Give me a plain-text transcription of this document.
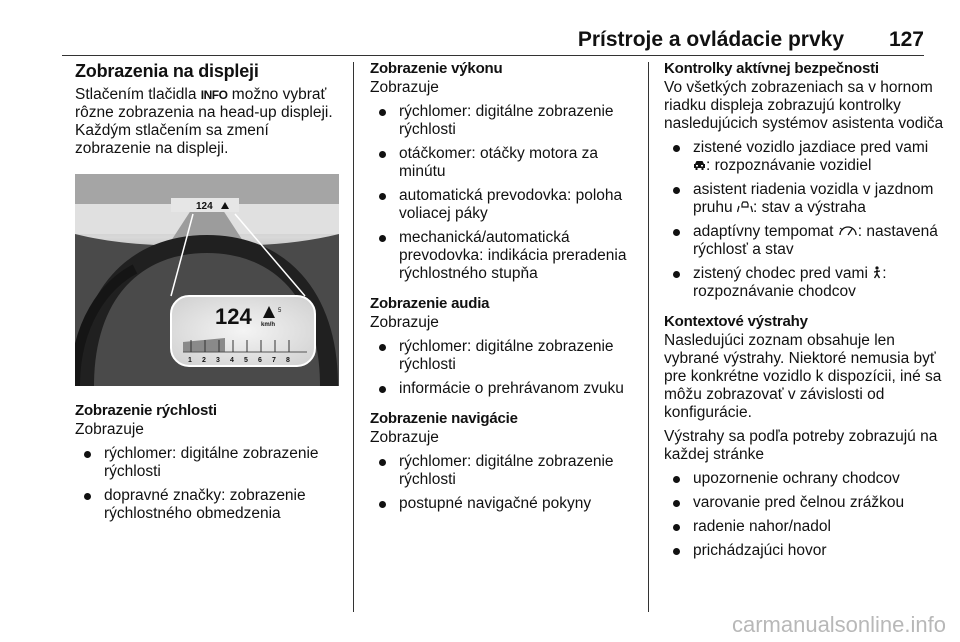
Prístroje a ovládacie prvky 127
Zobrazenia na displeji

Stlačením tlačidla INFO možno vybrať rôzne zobrazenia na head-up displeji. Každým stlačením sa zmení zobrazenie na displeji.

124
124	5
km/h
1 2 3 4 5 6 7 8
Zobrazenie rýchlosti

Zobrazuje

rýchlomer: digitálne zobrazenie rýchlosti
dopravné značky: zobrazenie rýchlostného obmedzenia
Zobrazenie výkonu

Zobrazuje

rýchlomer: digitálne zobrazenie rýchlosti
otáčkomer: otáčky motora za minútu
automatická prevodovka: poloha voliacej páky
mechanická/automatická prevodovka: indikácia preradenia rýchlostného stupňa
Zobrazenie audia

Zobrazuje

rýchlomer: digitálne zobrazenie rýchlosti
informácie o prehrávanom zvuku
Zobrazenie navigácie

Zobrazuje

rýchlomer: digitálne zobrazenie rýchlosti
postupné navigačné pokyny
Kontrolky aktívnej bezpečnosti

Vo všetkých zobrazeniach sa v hornom riadku displeja zobrazujú kontrolky nasledujúcich systémov asistenta vodiča

zistené vozidlo jazdiace pred vami : rozpoznávanie vozidiel
asistent riadenia vozidla v jazdnom pruhu : stav a výstraha
adaptívny tempomat : nastavená rýchlosť a stav
zistený chodec pred vami : rozpoznávanie chodcov
Kontextové výstrahy

Nasledujúci zoznam obsahuje len vybrané výstrahy. Niektoré nemusia byť pre konkrétne vozidlo k dispozícii, iné sa môžu zobrazovať v závislosti od konfigurácie.

Výstrahy sa podľa potreby zobrazujú na každej stránke

upozornenie ochrany chodcov
varovanie pred čelnou zrážkou
radenie nahor/nadol
prichádzajúci hovor
carmanualsonline.info
